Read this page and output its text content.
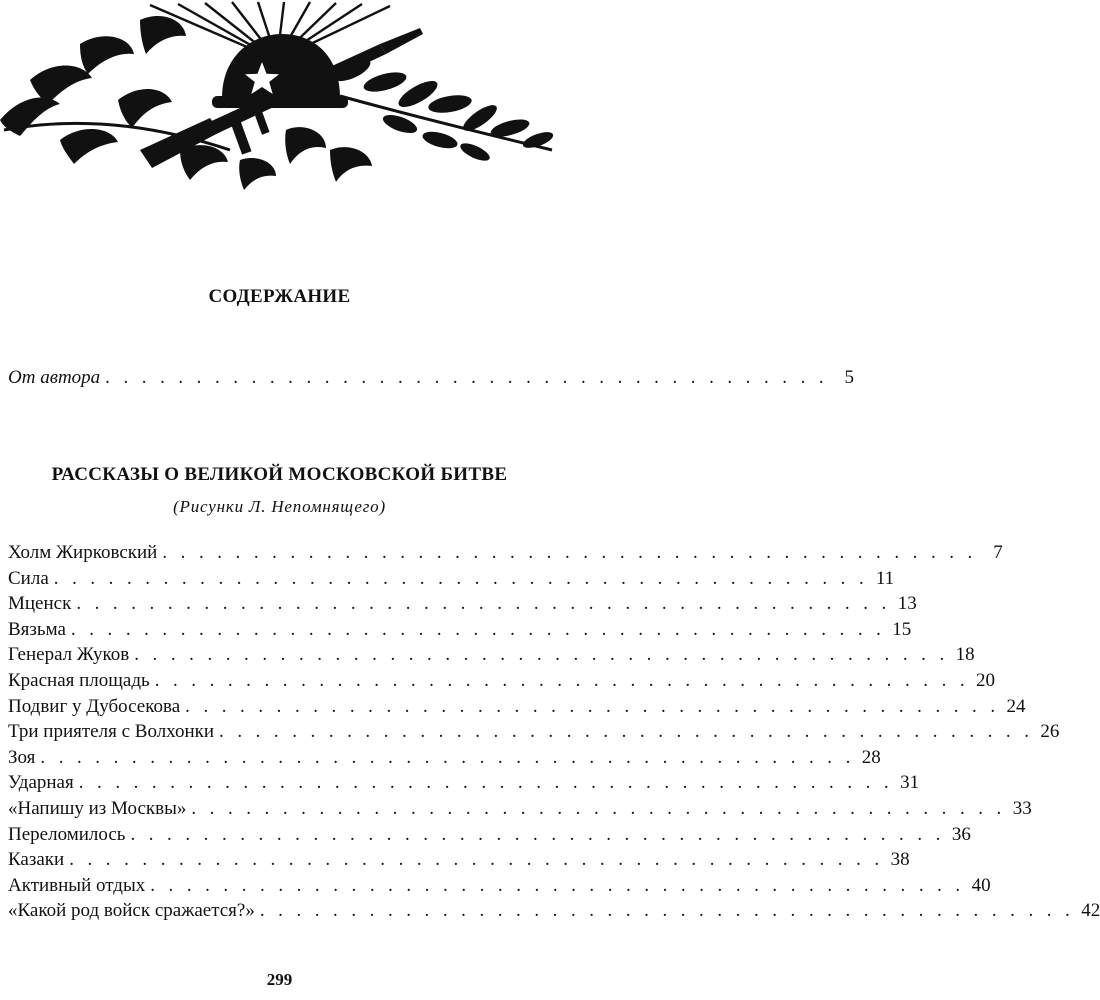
СОДЕРЖАНИЕ
От автора . . . . . . . . . . . . . . . . . . . . . . . . . . . . . . . . . . . . . . . . 5
РАССКАЗЫ О ВЕЛИКОЙ МОСКОВСКОЙ БИТВЕ
(Рисунки Л. Непомнящего)
Холм Жирковский . . . . . . . . . . . . . . . . . . . . . . . . . . . . . . . . . . . . . . . . . . . . . 7
Сила . . . . . . . . . . . . . . . . . . . . . . . . . . . . . . . . . . . . . . . . . . . . . 11
Мценск . . . . . . . . . . . . . . . . . . . . . . . . . . . . . . . . . . . . . . . . . . . . . 13
Вязьма . . . . . . . . . . . . . . . . . . . . . . . . . . . . . . . . . . . . . . . . . . . . . 15
Генерал Жуков . . . . . . . . . . . . . . . . . . . . . . . . . . . . . . . . . . . . . . . . . . . . . 18
Красная площадь . . . . . . . . . . . . . . . . . . . . . . . . . . . . . . . . . . . . . . . . . . . . . 20
Подвиг у Дубосекова . . . . . . . . . . . . . . . . . . . . . . . . . . . . . . . . . . . . . . . . . . . . . 24
Три приятеля с Волхонки . . . . . . . . . . . . . . . . . . . . . . . . . . . . . . . . . . . . . . . . . . . . . 26
Зоя . . . . . . . . . . . . . . . . . . . . . . . . . . . . . . . . . . . . . . . . . . . . . 28
Ударная . . . . . . . . . . . . . . . . . . . . . . . . . . . . . . . . . . . . . . . . . . . . . 31
«Напишу из Москвы» . . . . . . . . . . . . . . . . . . . . . . . . . . . . . . . . . . . . . . . . . . . . . 33
Переломилось . . . . . . . . . . . . . . . . . . . . . . . . . . . . . . . . . . . . . . . . . . . . . 36
Казаки . . . . . . . . . . . . . . . . . . . . . . . . . . . . . . . . . . . . . . . . . . . . . 38
Активный отдых . . . . . . . . . . . . . . . . . . . . . . . . . . . . . . . . . . . . . . . . . . . . . 40
«Какой род войск сражается?» . . . . . . . . . . . . . . . . . . . . . . . . . . . . . . . . . . . . . . . . . . . . . 42
299
